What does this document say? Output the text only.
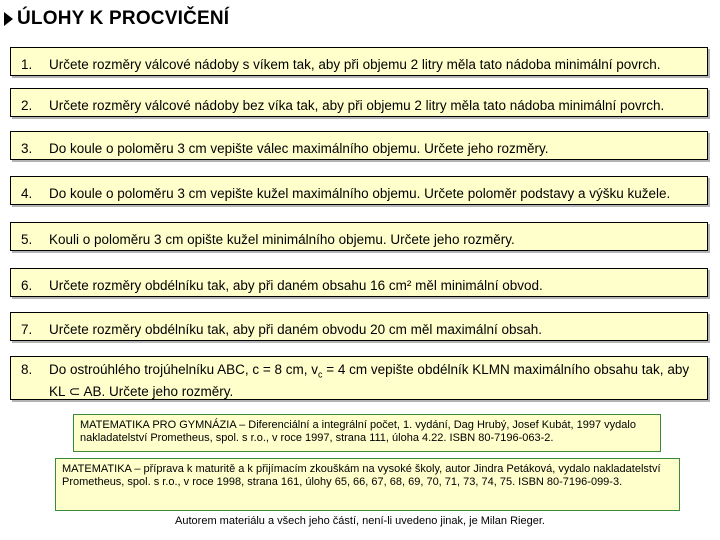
ÚLOHY K PROCVIČENÍ
1. Určete rozměry válcové nádoby s víkem tak, aby při objemu 2 litry měla tato nádoba minimální povrch.
2. Určete rozměry válcové nádoby bez víka tak, aby při objemu 2 litry měla tato nádoba minimální povrch.
3. Do koule o poloměru 3 cm vepište válec maximálního objemu. Určete jeho rozměry.
4. Do koule o poloměru 3 cm vepište kužel maximálního objemu. Určete poloměr podstavy a výšku kužele.
5. Kouli o poloměru 3 cm opište kužel minimálního objemu. Určete jeho rozměry.
6. Určete rozměry obdélníku tak, aby při daném obsahu 16 cm² měl minimální obvod.
7. Určete rozměry obdélníku tak, aby při daném obvodu 20 cm měl maximální obsah.
8. Do ostroúhlého trojúhelníku ABC, c = 8 cm, $v_c = 4$ cm vepište obdélník KLMN maximálního obsahu tak, aby KL ⊂ AB. Určete jeho rozměry.
MATEMATIKA PRO GYMNÁZIA – Diferenciální a integrální počet, 1. vydání, Dag Hrubý, Josef Kubát, 1997 vydalo nakladatelství Prometheus, spol. s r.o., v roce 1997, strana 111, úloha 4.22. ISBN 80-7196-063-2.
MATEMATIKA – příprava k maturitě a k přijímacím zkouškám na vysoké školy, autor Jindra Petáková, vydalo nakladatelství Prometheus, spol. s r.o., v roce 1998, strana 161, úlohy 65, 66, 67, 68, 69, 70, 71, 73, 74, 75. ISBN 80-7196-099-3.
Autorem materiálu a všech jeho částí, není-li uvedeno jinak, je Milan Rieger.
